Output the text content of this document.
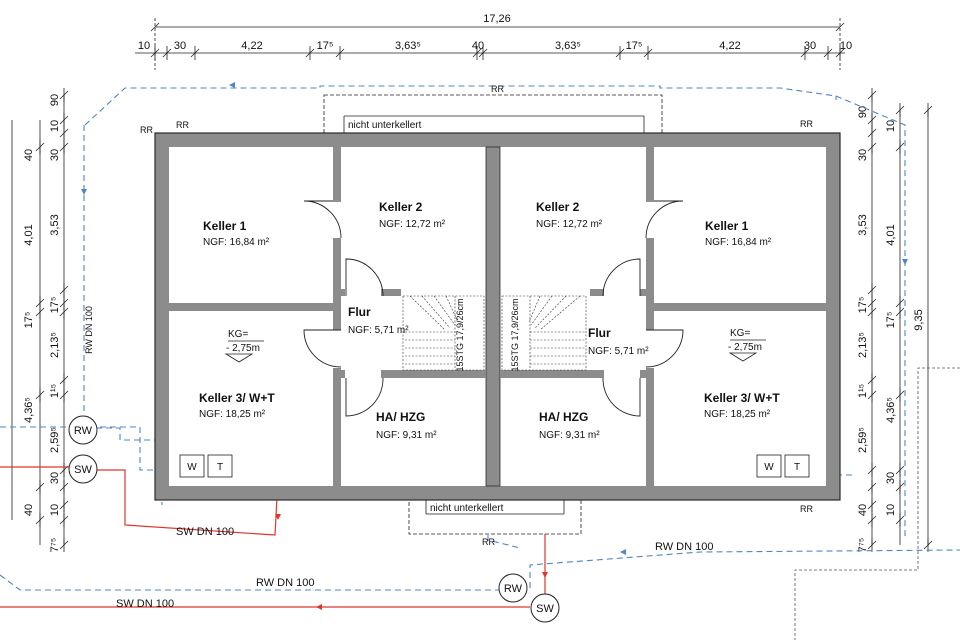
17,26
10 30	4,22	17⁵	3,63⁵	40	3,63⁵	17⁵	4,22	30 10
90
10
30
3,53
17⁵
2,13⁵
1¹⁵
2,59⁵
30
10
7⁷⁵
40
4,01
17⁵
4,36⁵
40
90
30
3,53
17⁵
2,13⁵
1¹⁵
2,59⁵
40
7⁷⁵
10
4,01
17⁵
4,36⁵
30
10
9,35
RR
RR	RR	RR
RR
RR
RW DN 100
RW DN 100
RW DN 100
SW DN 100
SW DN 100
RW
SW
RW
SW
nicht unterkellert
nicht unterkellert
15STG 17,9/26cm	15STG 17,9/26cm
Keller 1
NGF: 16,84 m²
Keller 2
NGF: 12,72 m²
Flur
NGF: 5,71 m²
Keller 3/ W+T
NGF: 18,25 m²	HA/ HZG
NGF: 9,31 m²
Keller 2
NGF: 12,72 m²	Keller 1
NGF: 16,84 m²
Flur
NGF: 5,71 m²
Keller 3/ W+T
NGF: 18,25 m²
HA/ HZG
NGF: 9,31 m²
KG=
- 2,75m
KG=
- 2,75m
W T	W T
